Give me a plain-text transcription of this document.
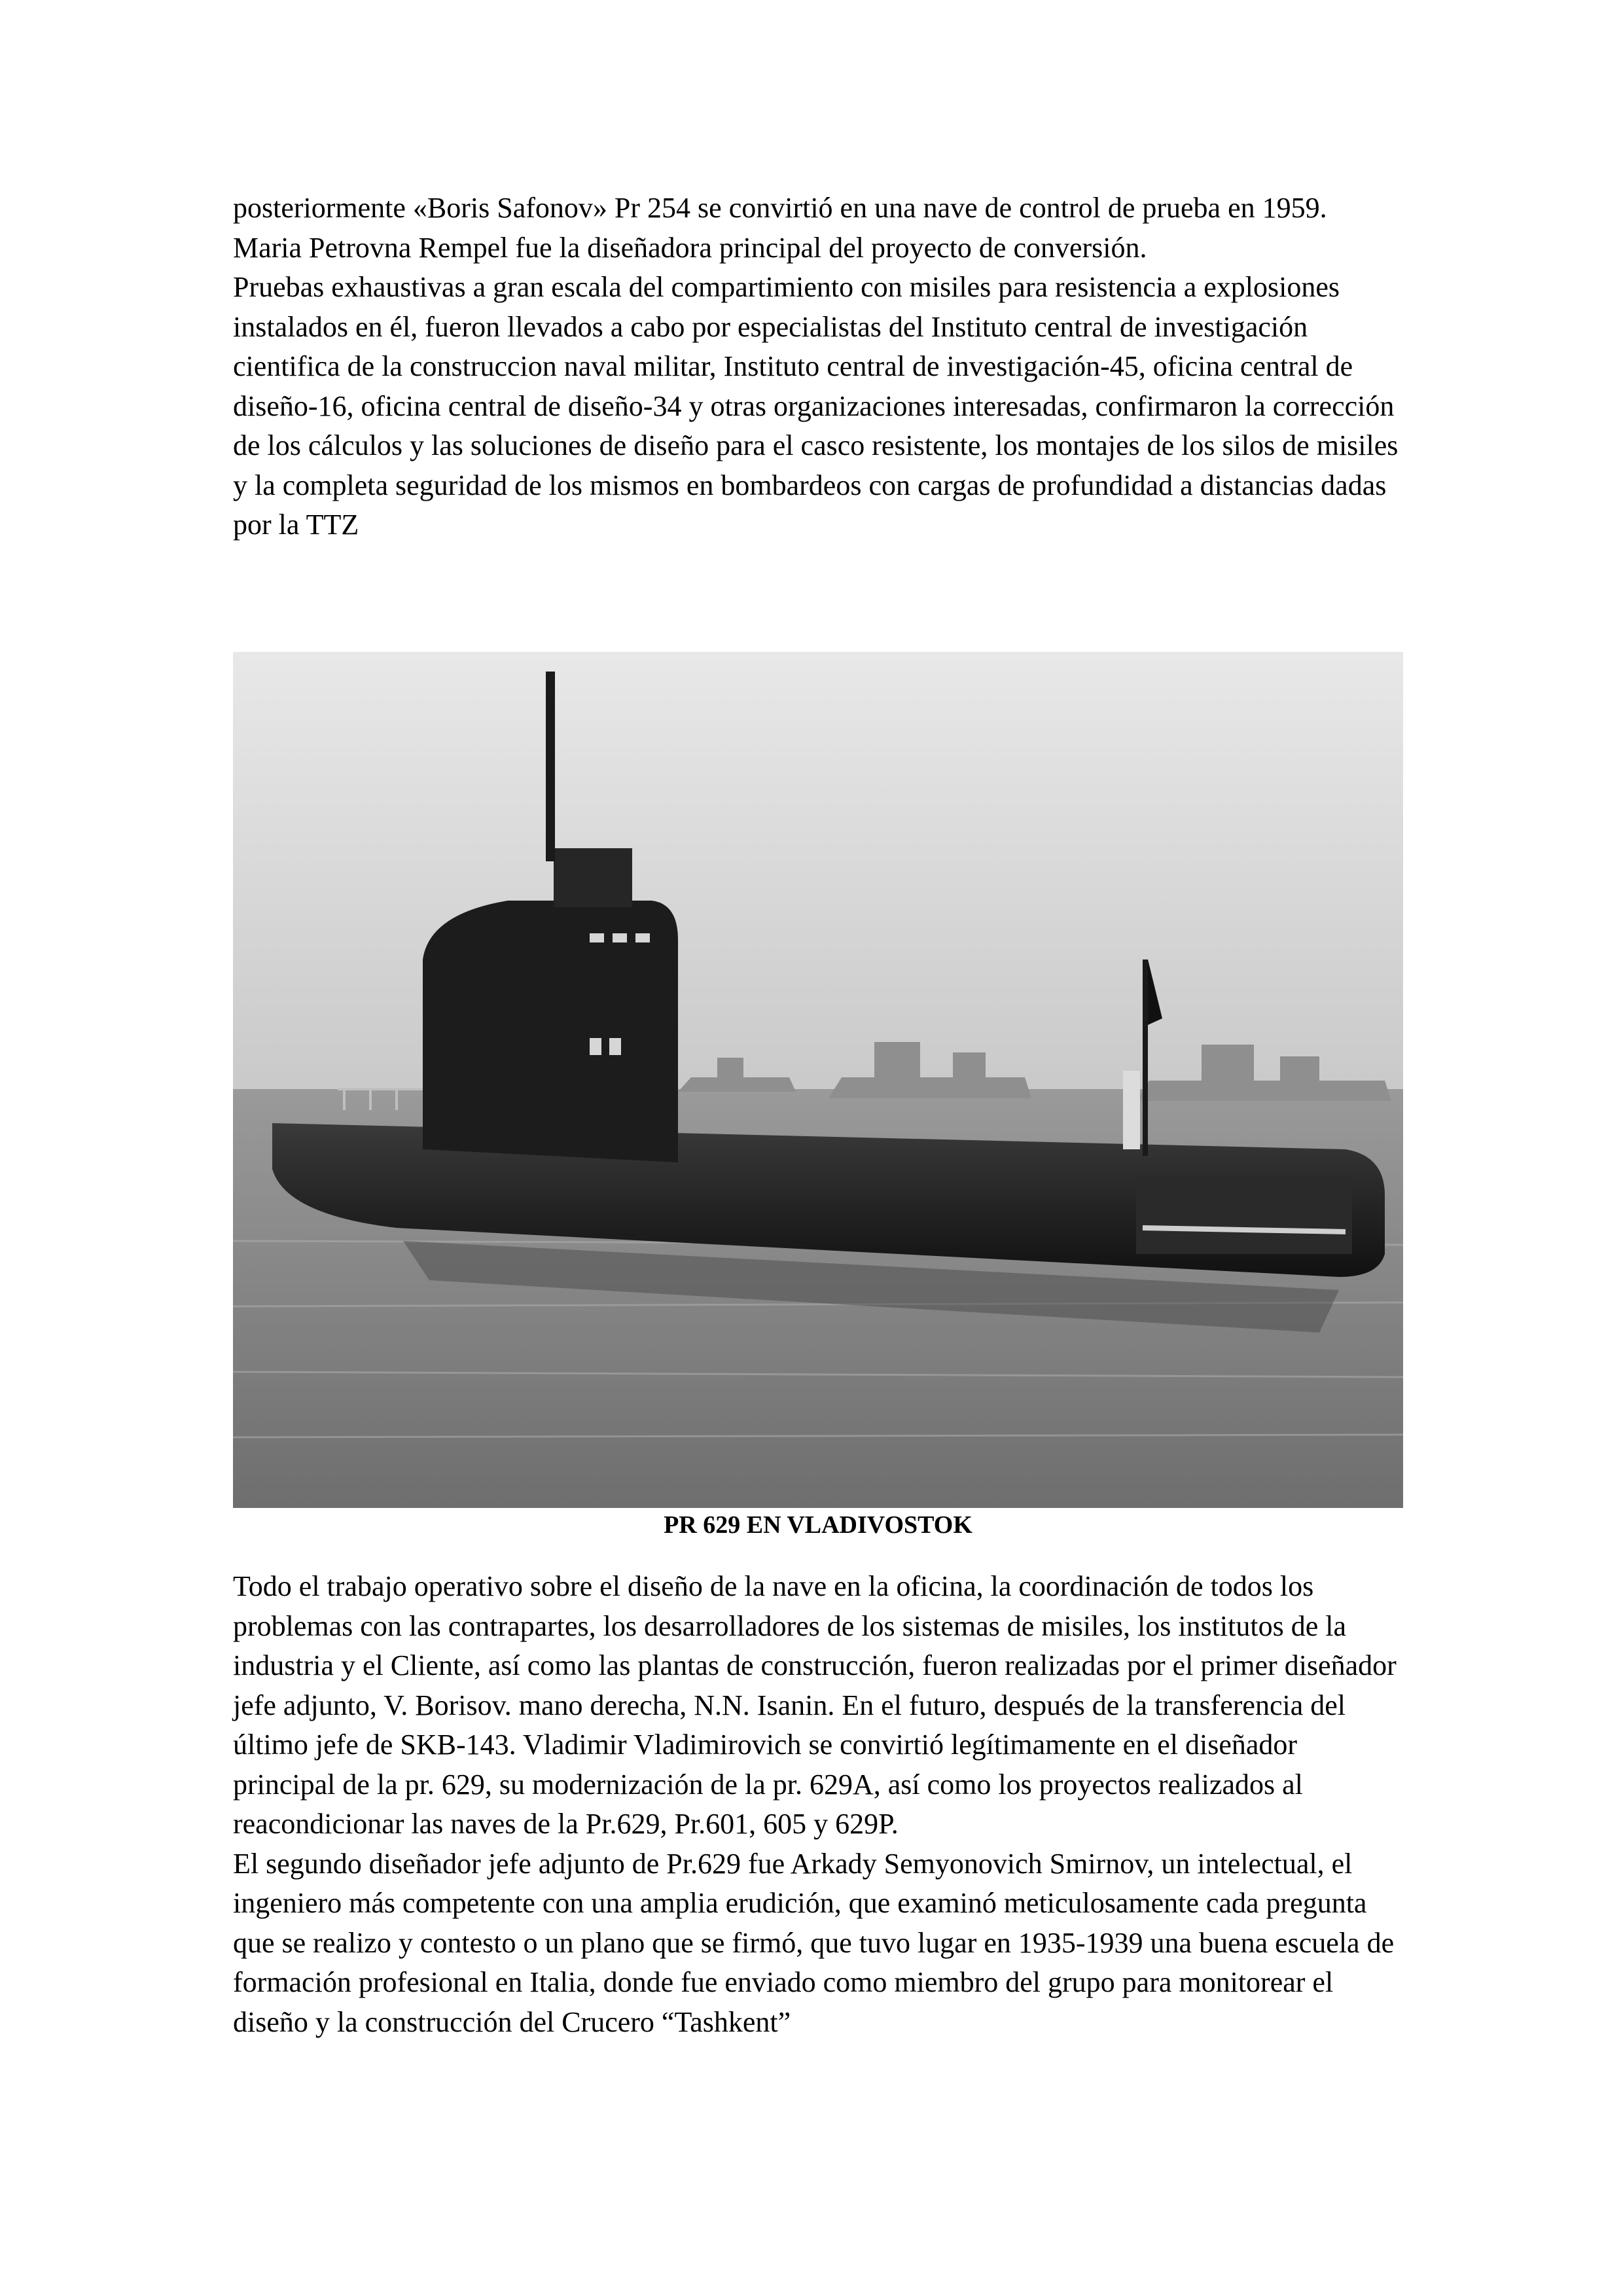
posteriormente «Boris Safonov» Pr 254 se convirtió en una nave de control de prueba en 1959.

Maria Petrovna Rempel fue la diseñadora principal del proyecto de conversión.

Pruebas exhaustivas a gran escala del compartimiento con misiles para resistencia a explosiones instalados en él, fueron llevados a cabo por especialistas del Instituto central de investigación cientifica de la construccion naval militar, Instituto central de investigación-45, oficina central de diseño-16, oficina central de diseño-34 y otras organizaciones interesadas, confirmaron la corrección de los cálculos y las soluciones de diseño para el casco resistente, los montajes de los silos de misiles y la completa seguridad de los mismos en bombardeos con cargas de profundidad a distancias dadas por la TTZ

PR 629 EN VLADIVOSTOK

Todo el trabajo operativo sobre el diseño de la nave en la oficina, la coordinación de todos los problemas con las contrapartes, los desarrolladores de los sistemas de misiles, los institutos de la industria y el Cliente, así como las plantas de construcción, fueron realizadas por el primer diseñador jefe adjunto, V. Borisov. mano derecha, N.N. Isanin. En el futuro, después de la transferencia del último jefe de SKB-143. Vladimir Vladimirovich se convirtió legítimamente en el diseñador principal de la pr. 629, su modernización de la pr. 629A, así como los proyectos realizados al reacondicionar las naves de la Pr.629, Pr.601, 605 y 629P.

El segundo diseñador jefe adjunto de Pr.629 fue Arkady Semyonovich Smirnov, un intelectual, el ingeniero más competente con una amplia erudición, que examinó meticulosamente cada pregunta que se realizo y contesto o un plano que se firmó, que tuvo lugar en 1935-1939 una buena escuela de formación profesional en Italia, donde fue enviado como miembro del grupo para monitorear el diseño y la construcción del Crucero “Tashkent”
